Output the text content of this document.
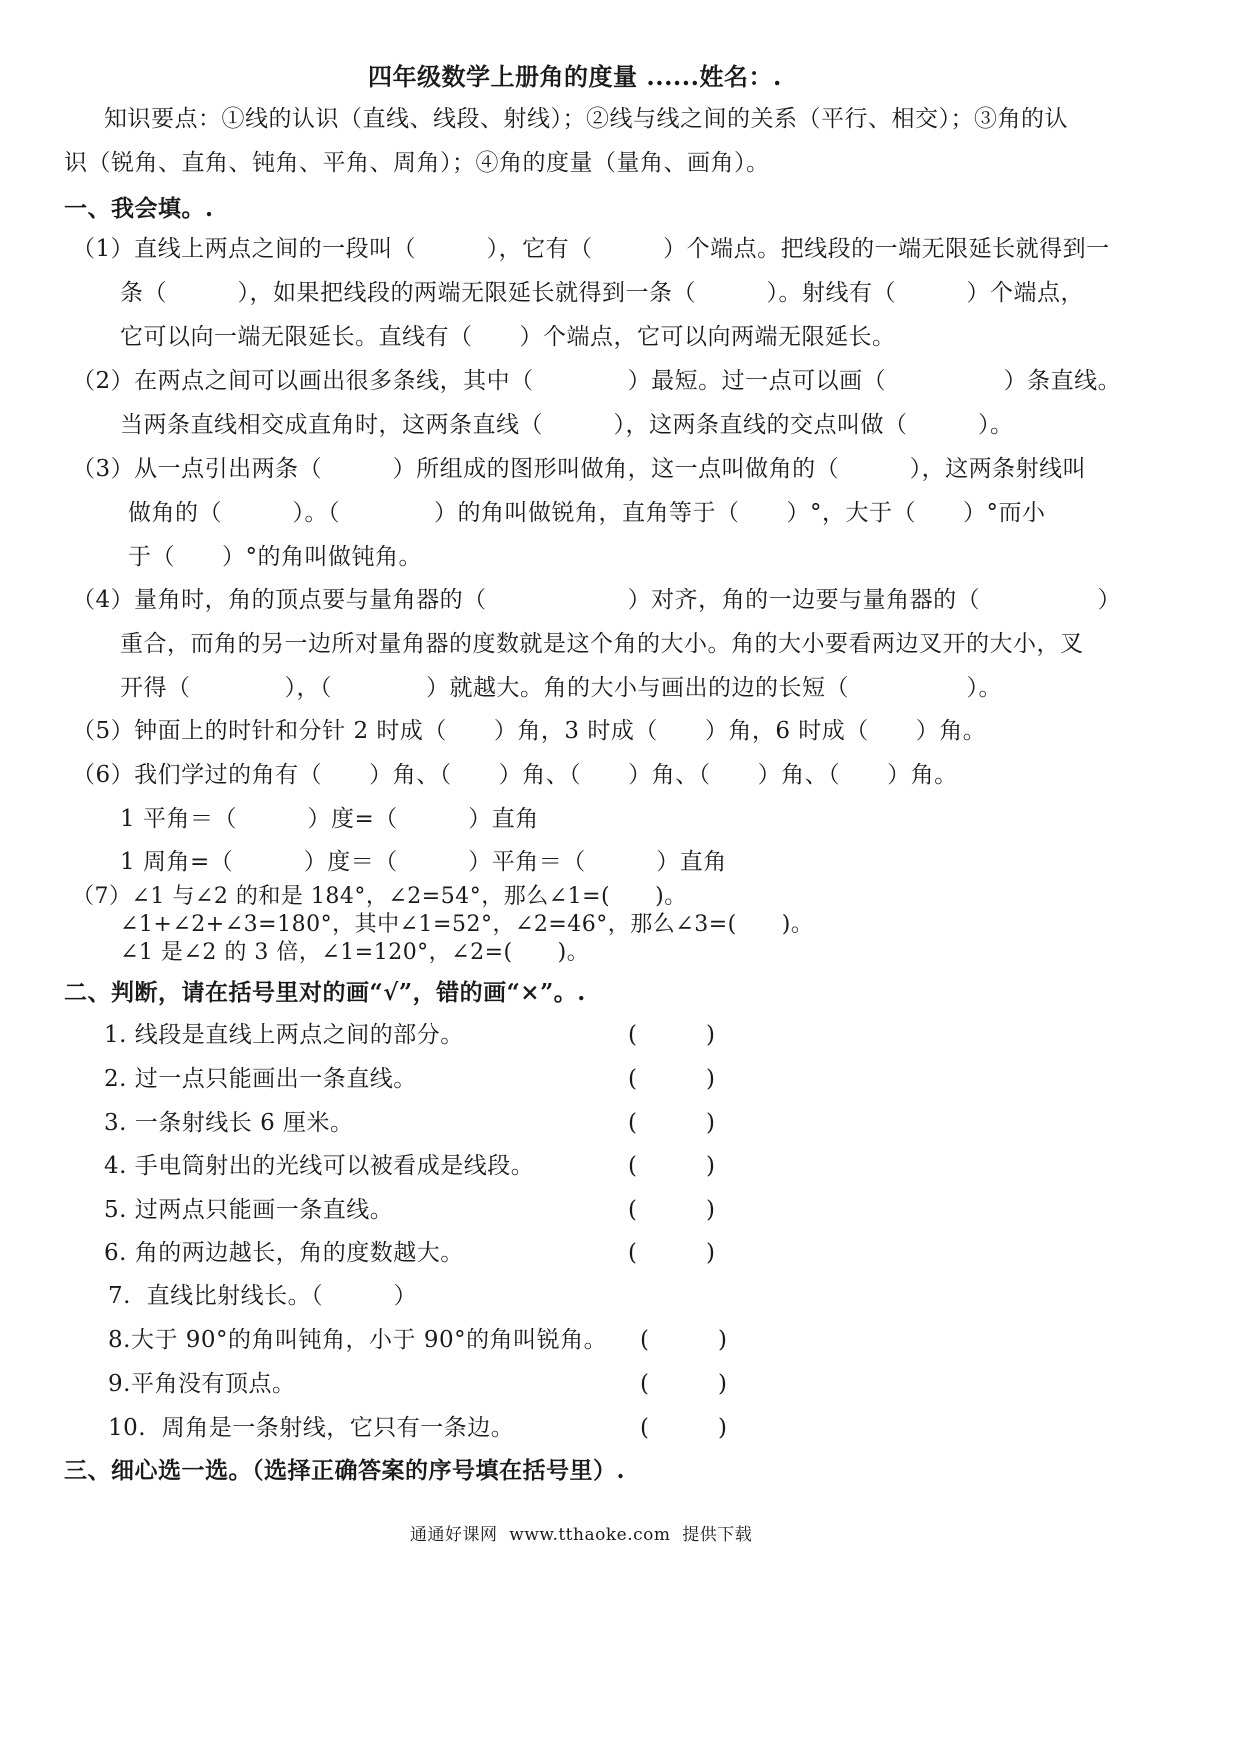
四年级数学上册角的度量 ......姓名：.
知识要点：①线的认识（直线、线段、射线）；②线与线之间的关系（平行、相交）；③角的认
识（锐角、直角、钝角、平角、周角）；④角的度量（量角、画角）。
一、我会填。.
（1）直线上两点之间的一段叫（　　　），它有（　　　）个端点。把线段的一端无限延长就得到一
条（　　　），如果把线段的两端无限延长就得到一条（　　　）。射线有（　　　）个端点，
它可以向一端无限延长。直线有（　　）个端点，它可以向两端无限延长。
（2）在两点之间可以画出很多条线，其中（　　　　）最短。过一点可以画（　　　　　）条直线。
当两条直线相交成直角时，这两条直线（　　　），这两条直线的交点叫做（　　　）。
（3）从一点引出两条（　　　）所组成的图形叫做角，这一点叫做角的（　　　），这两条射线叫
做角的（　　　）。（　　　　）的角叫做锐角，直角等于（　　）°，大于（　　）°而小
于（　　）°的角叫做钝角。
（4）量角时，角的顶点要与量角器的（　　　　　　）对齐，角的一边要与量角器的（　　　　　）
重合，而角的另一边所对量角器的度数就是这个角的大小。角的大小要看两边叉开的大小，叉
开得（　　　　），（　　　　）就越大。角的大小与画出的边的长短（　　　　　）。
（5）钟面上的时针和分针 2 时成（　　）角，3 时成（　　）角，6 时成（　　）角。
（6）我们学过的角有（　　）角、（　　）角、（　　）角、（　　）角、（　　）角。
1 平角＝（　　　）度=（　　　）直角
1 周角=（　　　）度＝（　　　）平角＝（　　　）直角
（7）∠1 与∠2 的和是 184°，∠2=54°，那么∠1=(　　)。
∠1+∠2+∠3=180°，其中∠1=52°，∠2=46°，那么∠3=(　　)。
∠1 是∠2 的 3 倍，∠1=120°，∠2=(　　)。
二、判断，请在括号里对的画“√”，错的画“×”。.
1. 线段是直线上两点之间的部分。	(　　　)
2. 过一点只能画出一条直线。	(　　　)
3. 一条射线长 6 厘米。	(　　　)
4. 手电筒射出的光线可以被看成是线段。	(　　　)
5. 过两点只能画一条直线。	(　　　)
6. 角的两边越长，角的度数越大。	(　　　)
7.  直线比射线长。（　　　）
8.大于 90°的角叫钝角，小于 90°的角叫锐角。 (　　　)
9.平角没有顶点。	(　　　)
10.  周角是一条射线，它只有一条边。	(　　　)
三、细心选一选。（选择正确答案的序号填在括号里）.
通通好课网  www.tthaoke.com  提供下载
